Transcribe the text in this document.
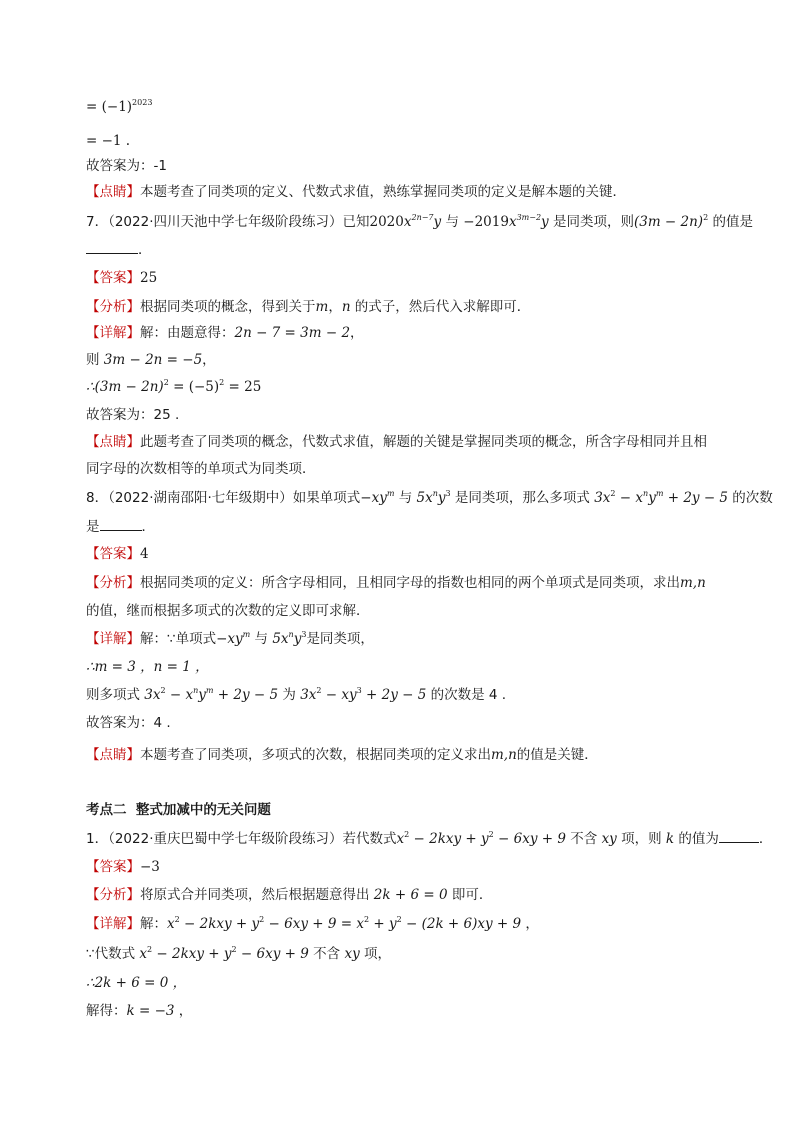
= $(-1)^{2023}$
= −1 .
故答案为：-1
【点睛】本题考查了同类项的定义、代数式求值，熟练掌握同类项的定义是解本题的关键．
7．（2022·四川天池中学七年级阶段练习）已知$2020x^{2n-7}y$ 与 $-2019x^{3m-2}y$ 是同类项，则$(3m - 2n)^2$ 的值是
．
【答案】25
【分析】根据同类项的概念，得到关于m，n 的式子，然后代入求解即可．
【详解】解：由题意得：2n − 7 = 3m − 2，
则 3m − 2n = −5，
∴(3m − $2n)^2 = (-5)^2 = 25$
故答案为：25 .
【点睛】此题考查了同类项的概念，代数式求值，解题的关键是掌握同类项的概念，所含字母相同并且相
同字母的次数相等的单项式为同类项．
8．（2022·湖南邵阳·七年级期中）如果单项式$-xy^m$ 与 $5x^ny^3$ 是同类项，那么多项式 $3x^2 - x^ny^m + 2y - 5$ 的次数
是	．
【答案】4
【分析】根据同类项的定义：所含字母相同，且相同字母的指数也相同的两个单项式是同类项，求出m,n
的值，继而根据多项式的次数的定义即可求解．
【详解】解：∵单项式$-xy^m$ 与 $5x^ny^3$是同类项，
∴m = 3 ，n = 1 ，
则多项式 $3x^2 - x^ny^m + 2y - 5$ 为 $3x^2 - xy^3 + 2y - 5$ 的次数是 4 .
故答案为：4 .
【点睛】本题考查了同类项，多项式的次数，根据同类项的定义求出m,n的值是关键．
考点二 整式加减中的无关问题
1．（2022·重庆巴蜀中学七年级阶段练习）若代数式$x^2 - 2kxy + y^2 - 6xy + 9$ 不含 xy 项，则 k 的值为	．
【答案】−3
【分析】将原式合并同类项，然后根据题意得出 2k + 6 = 0 即可．
【详解】解：$x^2 - 2kxy + y^2 - 6xy + 9 = x^2 + y^2 - (2k + 6)xy + 9$ ，
∵代数式 $x^2 - 2kxy + y^2 - 6xy + 9$ 不含 xy 项，
∴2k + 6 = 0 ，
解得：k = −3 ，
